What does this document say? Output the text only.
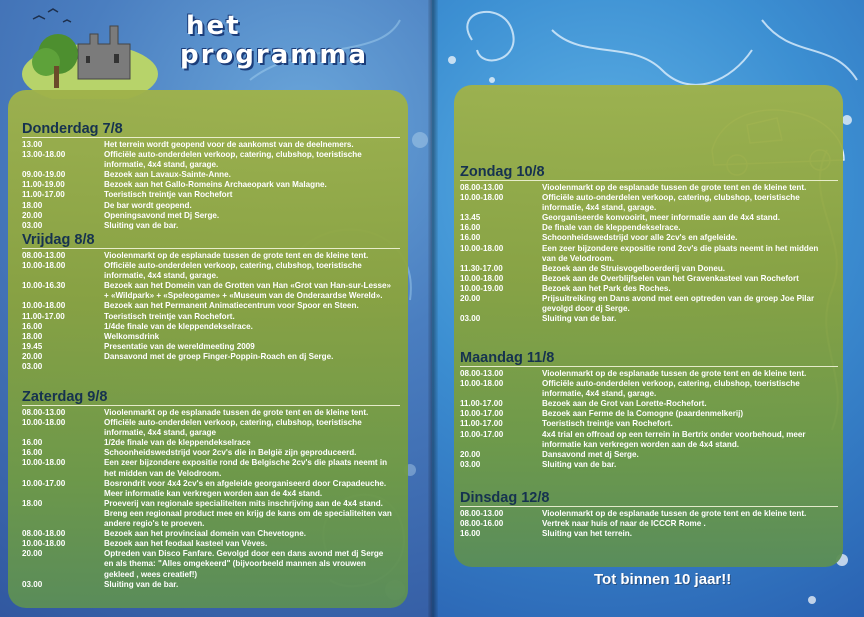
het
programma
Donderdag 7/8
13.00	Het terrein wordt geopend voor de aankomst van de deelnemers.
13.00-18.00	Officiële auto-onderdelen verkoop, catering, clubshop, toeristische informatie, 4x4 stand, garage.
09.00-19.00	Bezoek aan Lavaux-Sainte-Anne.
11.00-19.00	Bezoek aan het Gallo-Romeins Archaeopark van Malagne.
11.00-17.00	Toeristisch treintje van Rochefort
18.00	De bar wordt geopend.
20.00	Openingsavond met Dj Serge.
03.00	Sluiting van de bar.
Vrijdag 8/8
08.00-13.00	Vioolenmarkt op de esplanade tussen de grote tent en de kleine tent.
10.00-18.00	Officiële auto-onderdelen verkoop, catering, clubshop, toeristische informatie, 4x4 stand, garage.
10.00-16.30	Bezoek aan het Domein van de Grotten van Han «Grot van Han-sur-Lesse» + «Wildpark» + «Speleogame» + «Museum van de Onderaardse Wereld».
10.00-18.00	Bezoek aan het Permanent Animatiecentrum voor Spoor en Steen.
11.00-17.00	Toeristisch treintje van Rochefort.
16.00	1/4de finale van de kleppendekselrace.
18.00	Welkomsdrink
19.45	Presentatie van de wereldmeeting 2009
20.00	Dansavond met de groep Finger-Poppin-Roach en dj Serge.
03.00
Zaterdag 9/8
08.00-13.00	Vioolenmarkt op de esplanade tussen de grote tent en de kleine tent.
10.00-18.00	Officiële auto-onderdelen verkoop, catering, clubshop, toeristische informatie, 4x4 stand, garage
16.00	1/2de finale van de kleppendekselrace
16.00	Schoonheidswedstrijd voor 2cv's die in België zijn geproduceerd.
10.00-18.00	Een zeer bijzondere expositie rond de Belgische 2cv's die plaats neemt in het midden van de Velodroom.
10.00-17.00	Bosrondrit voor 4x4 2cv's en afgeleide georganiseerd door Crapadeuche. Meer informatie kan verkregen worden aan de 4x4 stand.
18.00	Proeverij van regionale specialiteiten mits inschrijving aan de 4x4 stand. Breng een regionaal product mee en krijg de kans om de specialiteiten van andere regio's te proeven.
08.00-18.00	Bezoek aan het provinciaal domein van Chevetogne.
10.00-18.00	Bezoek aan het feodaal kasteel van Vèves.
20.00	Optreden van Disco Fanfare. Gevolgd door een dans avond met dj Serge en als thema: "Alles omgekeerd" (bijvoorbeeld mannen als vrouwen gekleed , wees creatief!)
03.00	Sluiting van de bar.
Zondag 10/8
08.00-13.00	Vioolenmarkt op de esplanade tussen de grote tent en de kleine tent.
10.00-18.00	Officiële auto-onderdelen verkoop, catering, clubshop, toeristische informatie, 4x4 stand, garage.
13.45	Georganiseerde konvooirit, meer informatie aan de 4x4 stand.
16.00	De finale van de kleppendekselrace.
16.00	Schoonheidswedstrijd voor alle 2cv's en afgeleide.
10.00-18.00	Een zeer bijzondere expositie rond 2cv's die plaats neemt in het midden van de Velodroom.
11.30-17.00	Bezoek aan de Struisvogelboerderij van Doneu.
10.00-18.00	Bezoek aan de Overblijfselen van het Gravenkasteel van Rochefort
10.00-19.00	Bezoek aan het Park des Roches.
20.00	Prijsuitreiking en Dans avond met een optreden van de groep Joe Pilar gevolgd door dj Serge.
03.00	Sluiting van de bar.
Maandag 11/8
08.00-13.00	Vioolenmarkt op de esplanade tussen de grote tent en de kleine tent.
10.00-18.00	Officiële auto-onderdelen verkoop, catering, clubshop, toeristische informatie, 4x4 stand, garage.
11.00-17.00	Bezoek aan de Grot van Lorette-Rochefort.
10.00-17.00	Bezoek aan Ferme de la Comogne (paardenmelkerij)
11.00-17.00	Toeristisch treintje van Rochefort.
10.00-17.00	4x4 trial en offroad op een terrein in Bertrix onder voorbehoud, meer informatie kan verkregen worden aan de 4x4 stand.
20.00	Dansavond met dj Serge.
03.00	Sluiting van de bar.
Dinsdag 12/8
08.00-13.00	Vioolenmarkt op de esplanade tussen de grote tent en de kleine tent.
08.00-16.00	Vertrek naar huis of naar de ICCCR Rome .
16.00	Sluiting van het terrein.
Tot binnen 10 jaar!!
